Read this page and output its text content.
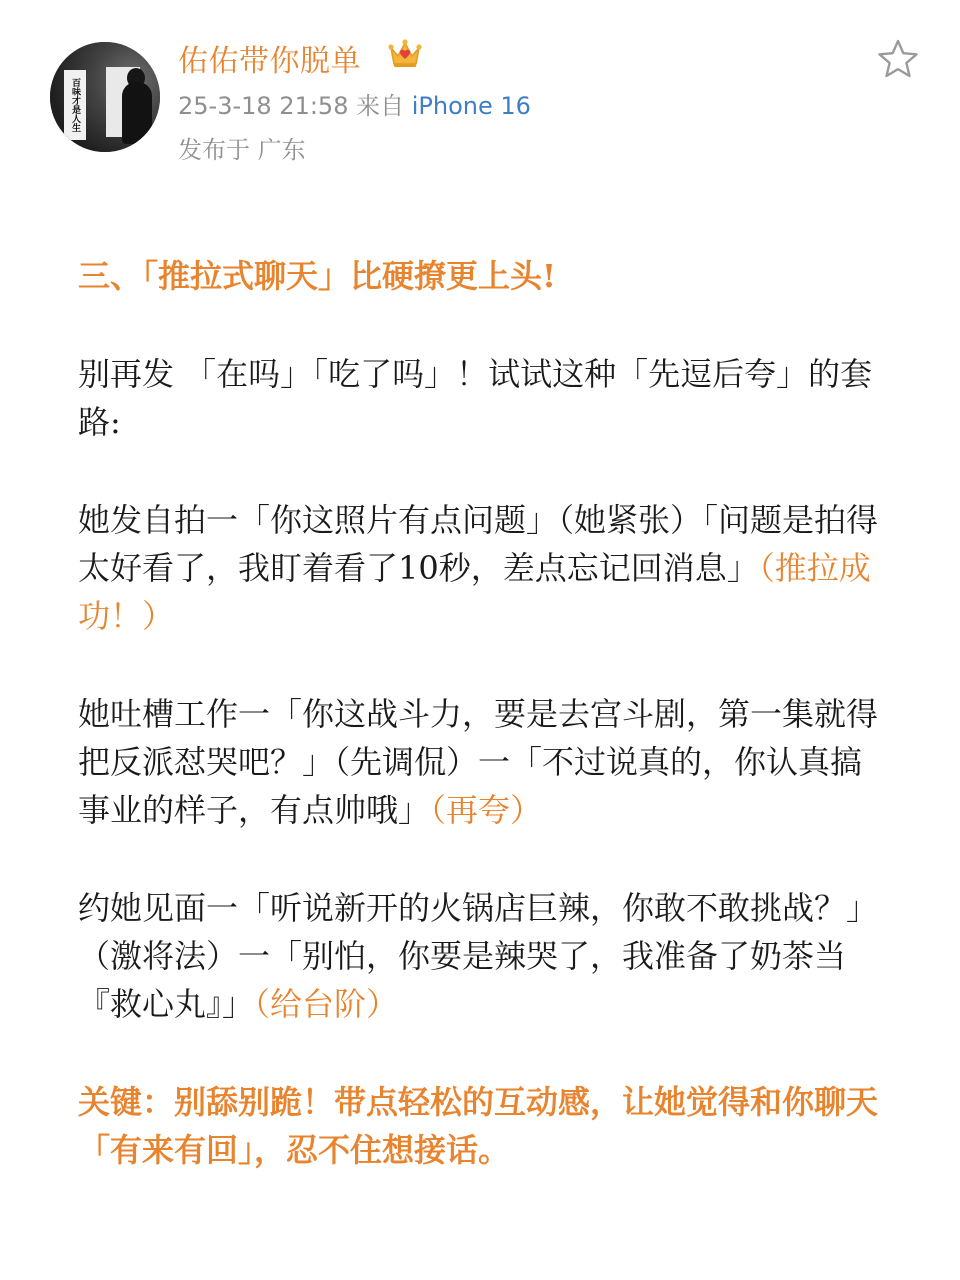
百味才是人生
佑佑带你脱单
25-3-18 21:58 来自 iPhone 16
发布于 广东

三、「推拉式聊天」比硬撩更上头!

别再发 「在吗」「吃了吗」！试试这种「先逗后夸」的套路:

她发自拍一「你这照片有点问题」（她紧张）「问题是拍得太好看了，我盯着看了10秒，差点忘记回消息」（推拉成功！）

她吐槽工作一「你这战斗力，要是去宫斗剧，第一集就得把反派怼哭吧？」（先调侃）一「不过说真的，你认真搞事业的样子，有点帅哦」（再夸）

约她见面一「听说新开的火锅店巨辣，你敢不敢挑战？」（激将法）一「别怕，你要是辣哭了，我准备了奶茶当 『救心丸』」（给台阶）

关键：别舔别跪！带点轻松的互动感，让她觉得和你聊天「有来有回」，忍不住想接话。
